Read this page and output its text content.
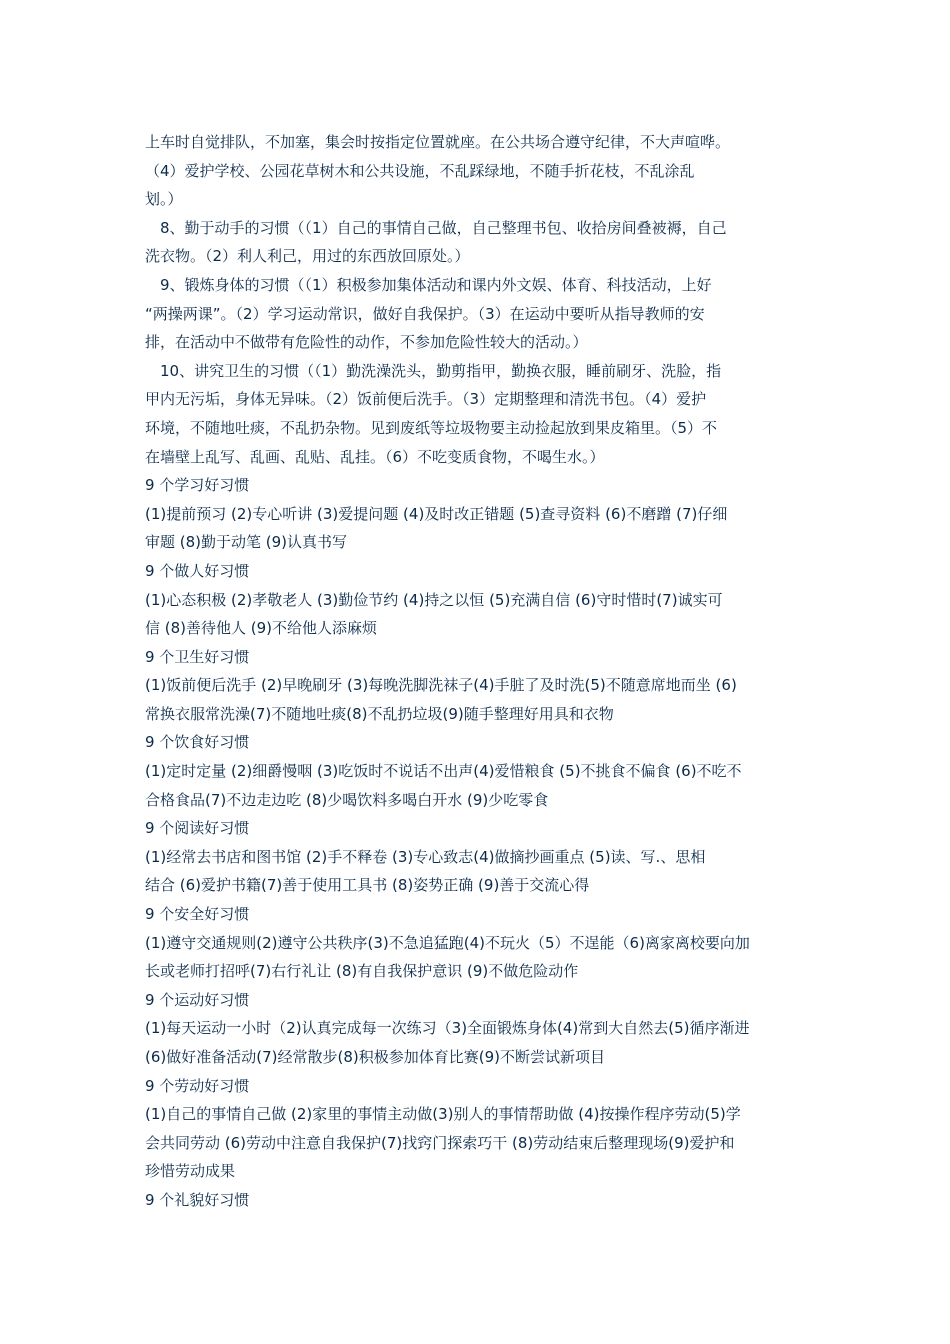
上车时自觉排队，不加塞，集会时按指定位置就座。在公共场合遵守纪律，不大声喧哗。
（4）爱护学校、公园花草树木和公共设施，不乱踩绿地，不随手折花枝，不乱涂乱
划。）
8、勤于动手的习惯（（1）自己的事情自己做，自己整理书包、收拾房间叠被褥，自己
洗衣物。（2）利人利己，用过的东西放回原处。）
9、锻炼身体的习惯（（1）积极参加集体活动和课内外文娱、体育、科技活动，上好
“两操两课”。（2）学习运动常识，做好自我保护。（3）在运动中要听从指导教师的安
排，在活动中不做带有危险性的动作，不参加危险性较大的活动。）
10、讲究卫生的习惯（（1）勤洗澡洗头，勤剪指甲，勤换衣服，睡前刷牙、洗脸，指
甲内无污垢，身体无异味。（2）饭前便后洗手。（3）定期整理和清洗书包。（4）爱护
环境，不随地吐痰，不乱扔杂物。见到废纸等垃圾物要主动捡起放到果皮箱里。（5）不
在墙壁上乱写、乱画、乱贴、乱挂。（6）不吃变质食物，不喝生水。）
9 个学习好习惯
(1)提前预习 (2)专心听讲 (3)爱提问题 (4)及时改正错题 (5)查寻资料 (6)不磨蹭 (7)仔细
审题 (8)勤于动笔 (9)认真书写
9 个做人好习惯
(1)心态积极 (2)孝敬老人 (3)勤俭节约 (4)持之以恒 (5)充满自信 (6)守时惜时(7)诚实可
信 (8)善待他人 (9)不给他人添麻烦
9 个卫生好习惯
(1)饭前便后洗手 (2)早晚刷牙 (3)每晚洗脚洗袜子(4)手脏了及时洗(5)不随意席地而坐 (6)
常换衣服常洗澡(7)不随地吐痰(8)不乱扔垃圾(9)随手整理好用具和衣物
9 个饮食好习惯
(1)定时定量 (2)细爵慢咽 (3)吃饭时不说话不出声(4)爱惜粮食 (5)不挑食不偏食 (6)不吃不
合格食品(7)不边走边吃 (8)少喝饮料多喝白开水 (9)少吃零食
9 个阅读好习惯
(1)经常去书店和图书馆 (2)手不释卷 (3)专心致志(4)做摘抄画重点 (5)读、写.、思相
结合 (6)爱护书籍(7)善于使用工具书 (8)姿势正确 (9)善于交流心得
9 个安全好习惯
(1)遵守交通规则(2)遵守公共秩序(3)不急追猛跑(4)不玩火（5）不逞能（6)离家离校要向加
长或老师打招呼(7)右行礼让 (8)有自我保护意识 (9)不做危险动作
9 个运动好习惯
(1)每天运动一小时（2)认真完成每一次练习（3)全面锻炼身体(4)常到大自然去(5)循序渐进
(6)做好准备活动(7)经常散步(8)积极参加体育比赛(9)不断尝试新项目
9 个劳动好习惯
(1)自己的事情自己做 (2)家里的事情主动做(3)别人的事情帮助做 (4)按操作程序劳动(5)学
会共同劳动 (6)劳动中注意自我保护(7)找窍门探索巧干 (8)劳动结束后整理现场(9)爱护和
珍惜劳动成果
9 个礼貌好习惯
